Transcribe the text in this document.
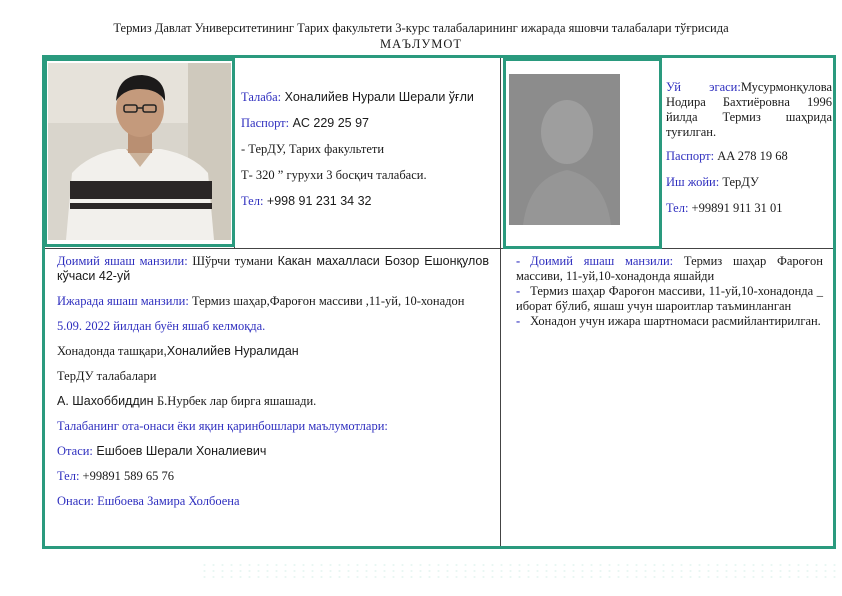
Термиз Давлат Университетининг Тарих факультети 3-курс талабаларининг ижарада яшовчи талабалари тўғрисида
МАЪЛУМОТ

Талаба: Хоналийев Нурали Шерали ўғли

Паспорт: AC 229 25 97

- ТерДУ, Тарих факультети

Т- 320 ” гурухи 3 босқич талабаси.

Тел: +998 91 231 34 32

Уй эгаси:Мусурмонқулова Нодира Бахтиёровна 1996 йилда Термиз шаҳрида туғилган.

Паспорт: AA 278 19 68

Иш жойи: ТерДУ

Тел: +99891 911 31 01

Доимий яшаш манзили: Шўрчи тумани Какан махалласи Бозор Ешонқулов кўчаси 42-уй

Ижарада яшаш манзили: Термиз шаҳар,Фароғон массиви ,11-уй, 10-хонадон

5.09. 2022 йилдан буён яшаб келмоқда.

Хонадонда ташқари,Хоналийев Нуралидан

ТерДУ талабалари

А. Шахоббиддин Б.Нурбек лар бирга яшашади.

Талабанинг ота-онаси ёки яқин қаринбошлари маълумотлари:

Отаси: Ешбоев Шерали Хоналиевич

Тел: +99891 589 65 76

Онаси: Ешбоева Замира Холбоена

- Доимий яшаш манзили: Термиз шаҳар Фароғон массиви, 11-уй,10-хонадонда яшайди

- Термиз шаҳар Фароғон массиви, 11-уй,10-хонадонда _ иборат бўлиб, яшаш учун шароитлар таъминланган

- Хонадон учун ижара шартномаси расмийлантирилган.
